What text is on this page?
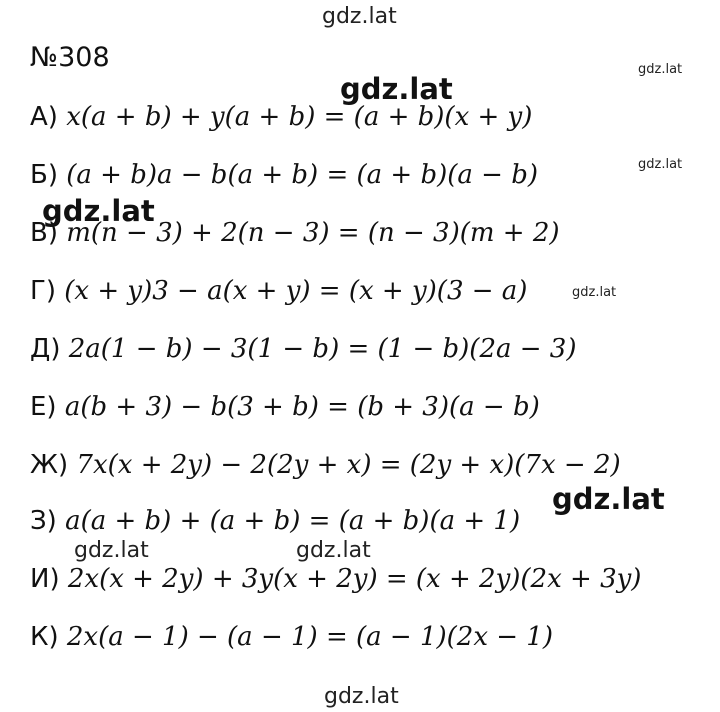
gdz.lat
№308
А) x(a + b) + y(a + b) = (a + b)(x + y)
Б) (a + b)a − b(a + b) = (a + b)(a − b)
В) m(n − 3) + 2(n − 3) = (n − 3)(m + 2)
Г) (x + y)3 − a(x + y) = (x + y)(3 − a)
Д) 2a(1 − b) − 3(1 − b) = (1 − b)(2a − 3)
Е) a(b + 3) − b(3 + b) = (b + 3)(a − b)
Ж) 7x(x + 2y) − 2(2y + x) = (2y + x)(7x − 2)
З) a(a + b) + (a + b) = (a + b)(a + 1)
И) 2x(x + 2y) + 3y(x + 2y) = (x + 2y)(2x + 3y)
К) 2x(a − 1) − (a − 1) = (a − 1)(2x − 1)
gdz.lat
gdz.lat
gdz.lat
gdz.lat
gdz.lat
gdz.lat
gdz.lat	gdz.lat
gdz.lat
